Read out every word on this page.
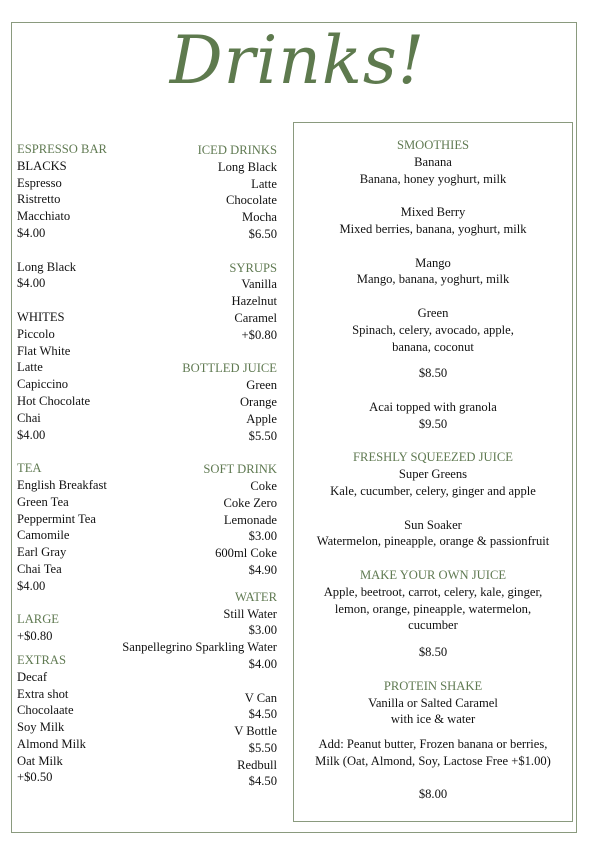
Drinks!
ESPRESSO BAR
BLACKS
Espresso
Ristretto
Macchiato
$4.00
Long Black
$4.00
WHITES
Piccolo
Flat White
Latte
Capiccino
Hot Chocolate
Chai
$4.00
TEA
English Breakfast
Green Tea
Peppermint Tea
Camomile
Earl Gray
Chai Tea
$4.00
LARGE
+$0.80
EXTRAS
Decaf
Extra shot
Chocolaate
Soy Milk
Almond Milk
Oat Milk
+$0.50
ICED DRINKS
Long Black
Latte
Chocolate
Mocha
$6.50
SYRUPS
Vanilla
Hazelnut
Caramel
+$0.80
BOTTLED JUICE
Green
Orange
Apple
$5.50
SOFT DRINK
Coke
Coke Zero
Lemonade
$3.00
600ml Coke
$4.90
WATER
Still Water
$3.00
Sanpellegrino Sparkling Water
$4.00
V Can
$4.50
V Bottle
$5.50
Redbull
$4.50
SMOOTHIES
Banana
Banana, honey yoghurt, milk
Mixed Berry
Mixed berries, banana, yoghurt, milk
Mango
Mango, banana, yoghurt, milk
Green
Spinach, celery, avocado, apple,
banana, coconut
$8.50
Acai topped with granola
$9.50
FRESHLY SQUEEZED JUICE
Super Greens
Kale, cucumber, celery, ginger and apple
Sun Soaker
Watermelon, pineapple, orange & passionfruit
MAKE YOUR OWN JUICE
Apple, beetroot, carrot, celery, kale, ginger,
lemon, orange, pineapple, watermelon,
cucumber
$8.50
PROTEIN SHAKE
Vanilla or Salted Caramel
with ice & water
Add: Peanut butter, Frozen banana or berries,
Milk (Oat, Almond, Soy, Lactose Free +$1.00)
$8.00
